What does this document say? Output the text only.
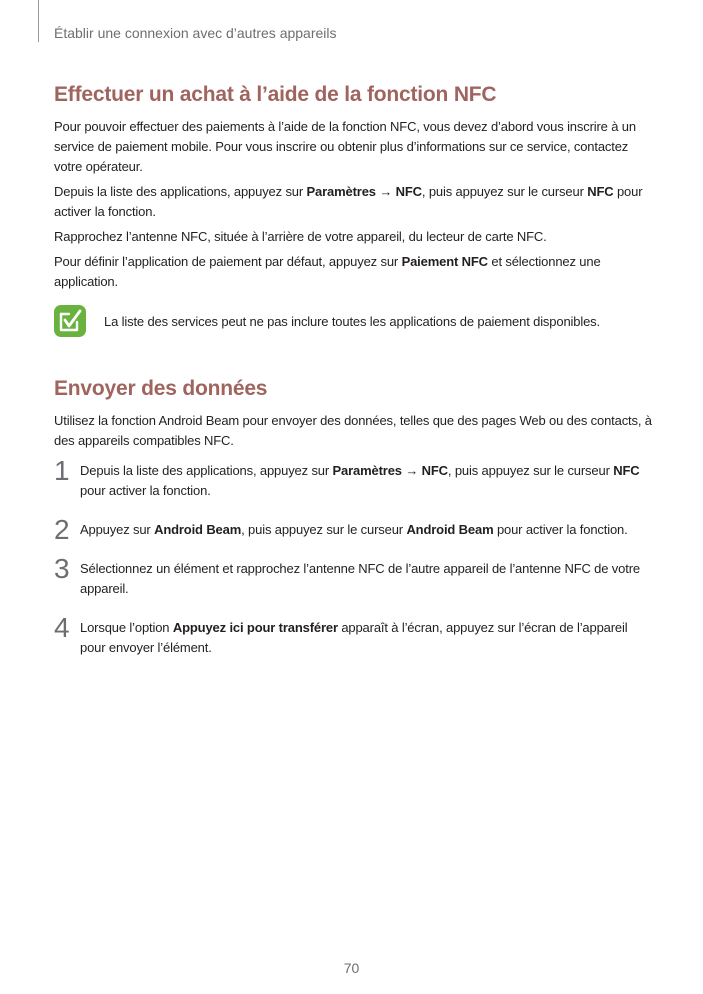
Établir une connexion avec d’autres appareils
Effectuer un achat à l’aide de la fonction NFC

Pour pouvoir effectuer des paiements à l’aide de la fonction NFC, vous devez d’abord vous inscrire à un service de paiement mobile. Pour vous inscrire ou obtenir plus d’informations sur ce service, contactez votre opérateur.

Depuis la liste des applications, appuyez sur Paramètres → NFC, puis appuyez sur le curseur NFC pour activer la fonction.

Rapprochez l’antenne NFC, située à l’arrière de votre appareil, du lecteur de carte NFC.

Pour définir l’application de paiement par défaut, appuyez sur Paiement NFC et sélectionnez une application.

La liste des services peut ne pas inclure toutes les applications de paiement disponibles.

Envoyer des données

Utilisez la fonction Android Beam pour envoyer des données, telles que des pages Web ou des contacts, à des appareils compatibles NFC.

1 Depuis la liste des applications, appuyez sur Paramètres → NFC, puis appuyez sur le curseur NFC pour activer la fonction.

2 Appuyez sur Android Beam, puis appuyez sur le curseur Android Beam pour activer la fonction.

3 Sélectionnez un élément et rapprochez l’antenne NFC de l’autre appareil de l’antenne NFC de votre appareil.

4 Lorsque l’option Appuyez ici pour transférer apparaît à l’écran, appuyez sur l’écran de l’appareil pour envoyer l’élément.

70
